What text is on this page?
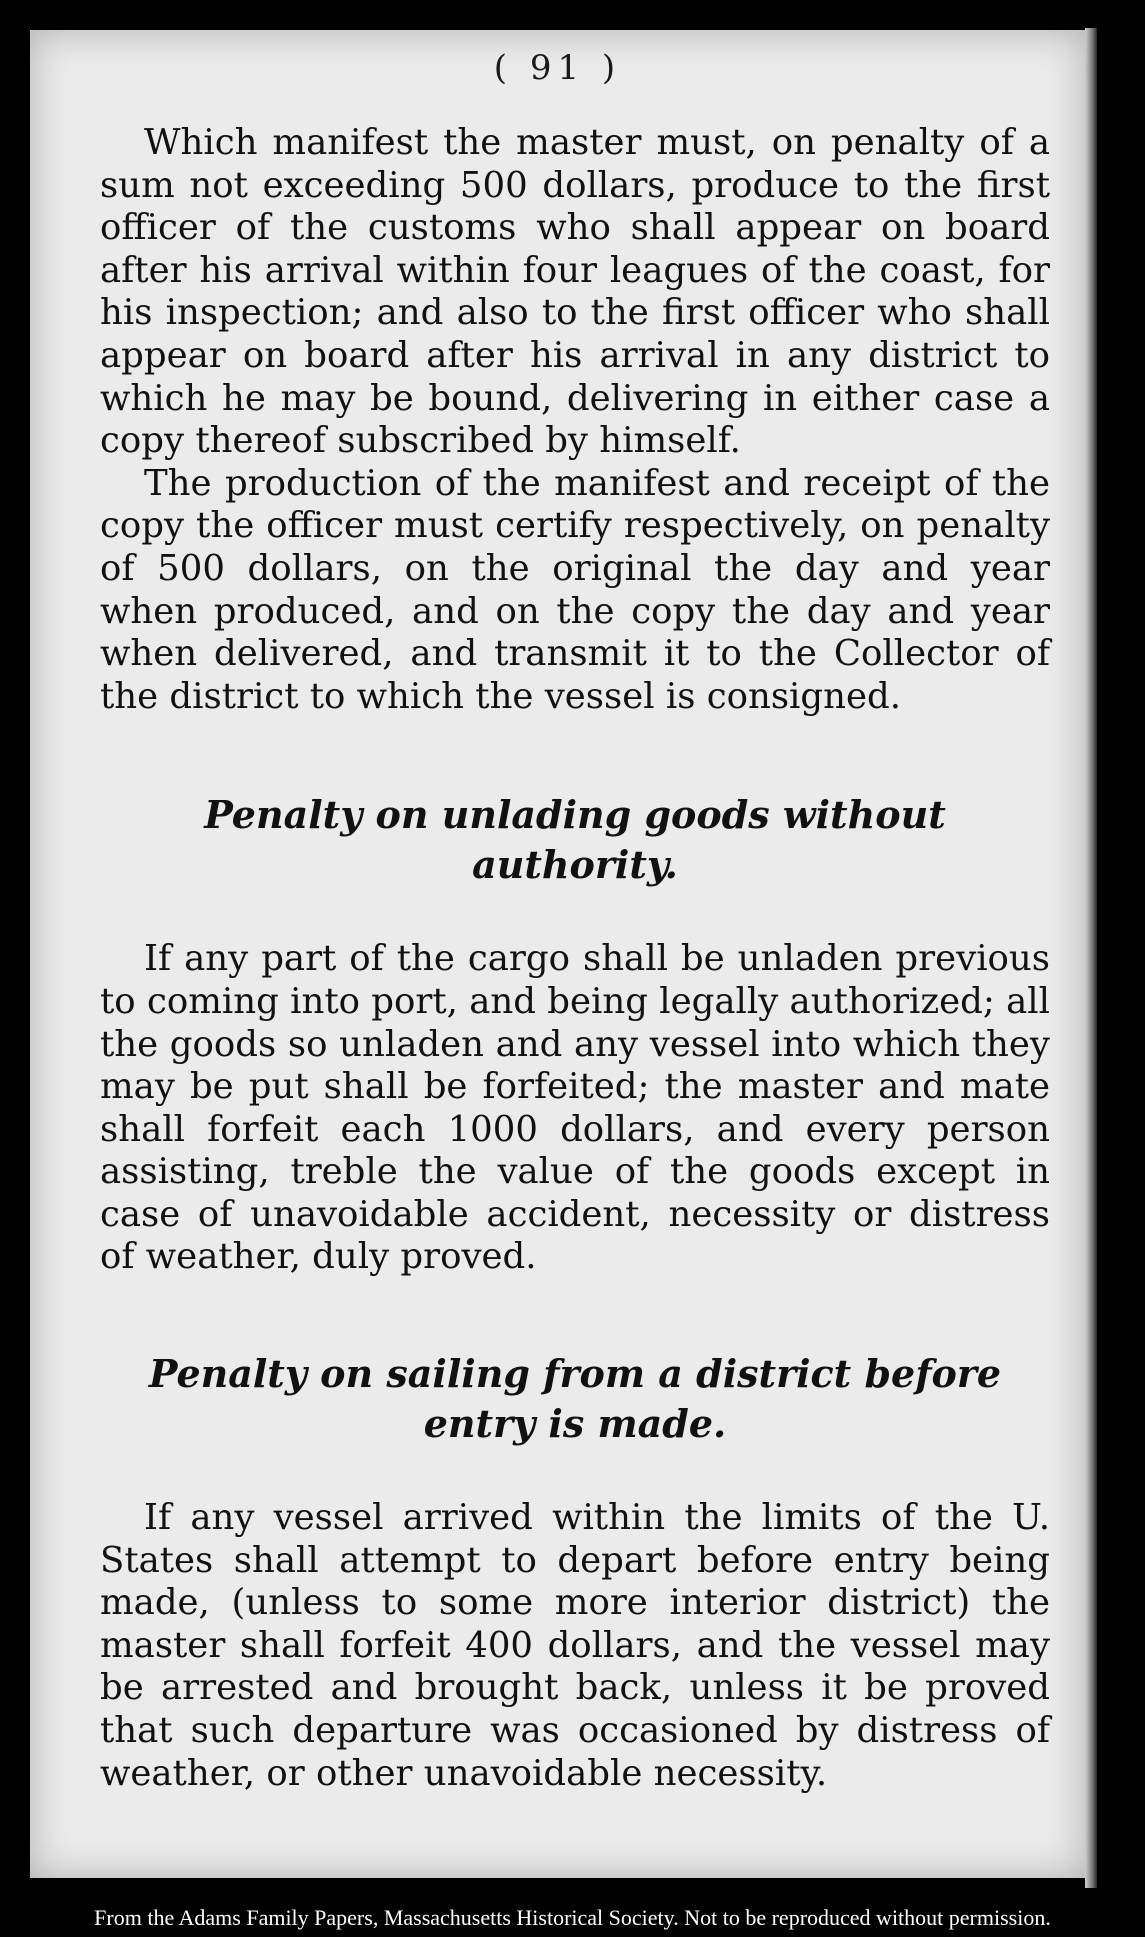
( 91 )

Which manifest the master must, on penalty of a sum not exceeding 500 dollars, produce to the first officer of the customs who shall appear on board after his arrival within four leagues of the coast, for his inspection; and also to the first officer who shall appear on board after his arrival in any district to which he may be bound, delivering in either case a copy thereof subscribed by himself.

The production of the manifest and receipt of the copy the officer must certify respectively, on penalty of 500 dollars, on the original the day and year when produced, and on the copy the day and year when delivered, and transmit it to the Collector of the district to which the vessel is consigned.

Penalty on unlading goods without authority.

If any part of the cargo shall be unladen previous to coming into port, and being legally authorized; all the goods so unladen and any vessel into which they may be put shall be forfeited; the master and mate shall forfeit each 1000 dollars, and every person assisting, treble the value of the goods except in case of unavoidable accident, necessity or distress of weather, duly proved.

Penalty on sailing from a district before entry is made.

If any vessel arrived within the limits of the U. States shall attempt to depart before entry being made, (unless to some more interior district) the master shall forfeit 400 dollars, and the vessel may be arrested and brought back, unless it be proved that such departure was occasioned by distress of weather, or other unavoidable necessity.

From the Adams Family Papers, Massachusetts Historical Society. Not to be reproduced without permission.
